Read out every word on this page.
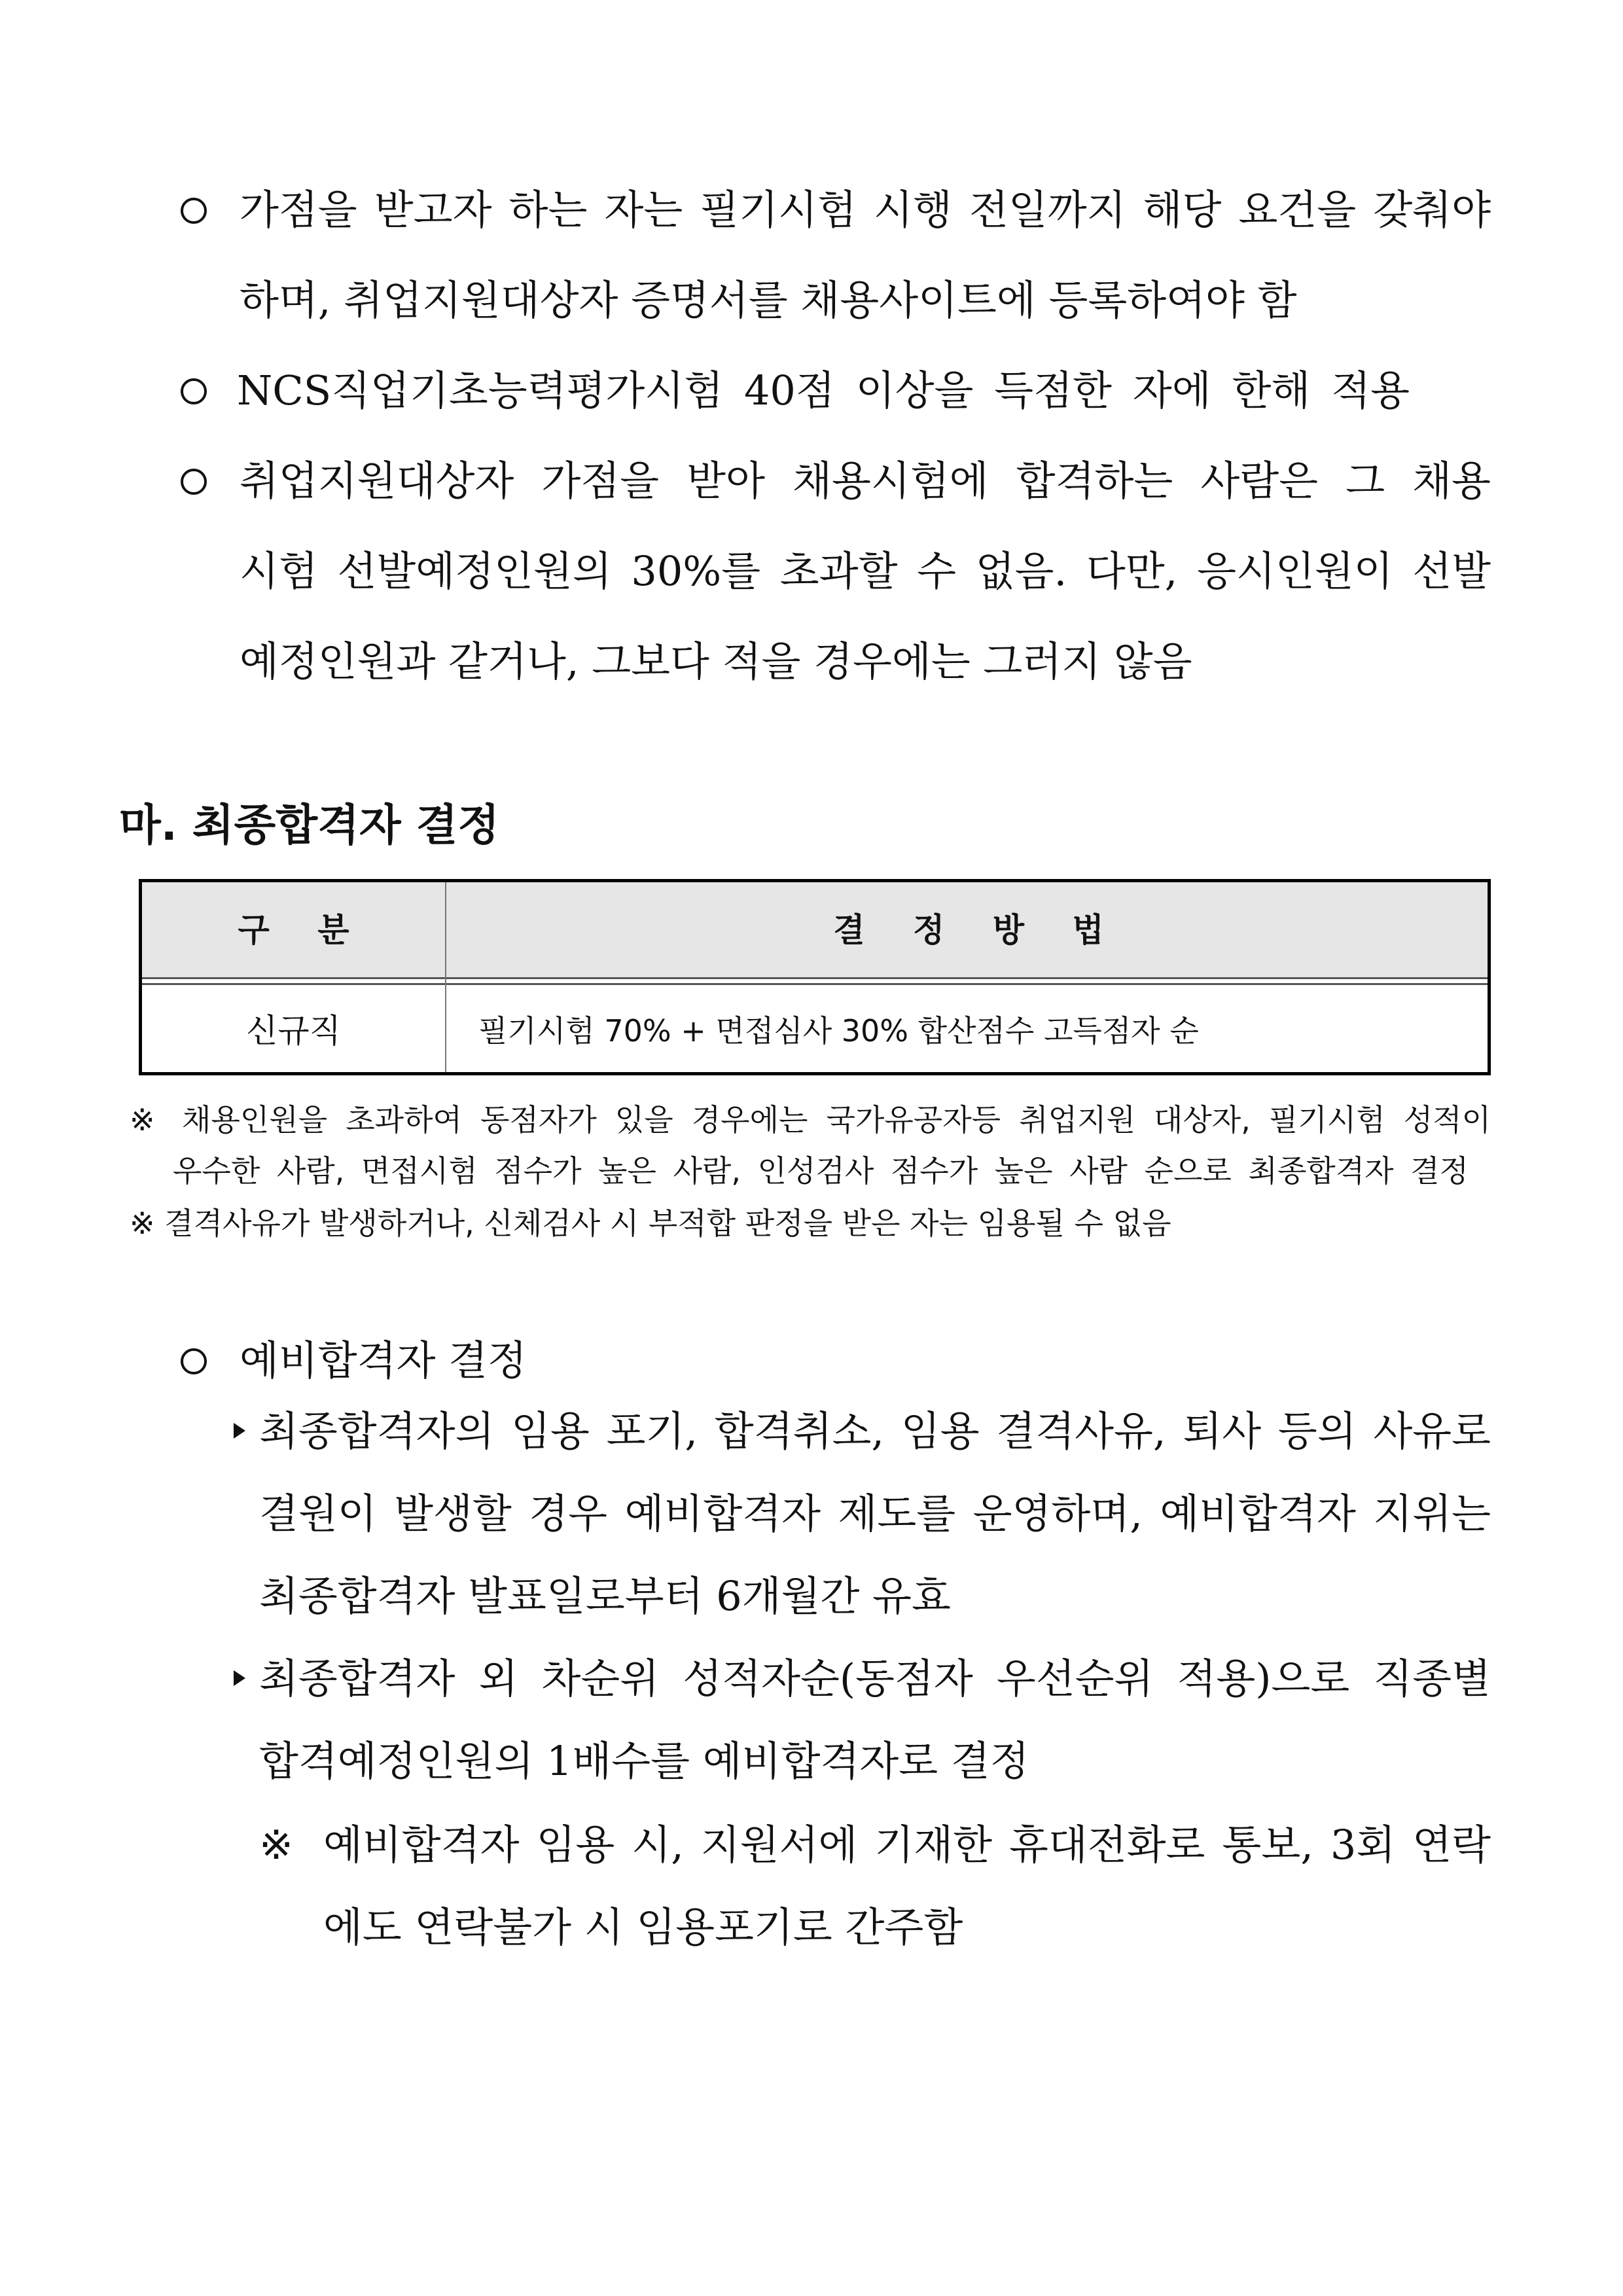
가점을 받고자 하는 자는 필기시험 시행 전일까지 해당 요건을 갖춰야
하며, 취업지원대상자 증명서를 채용사이트에 등록하여야 함
NCS직업기초능력평가시험 40점 이상을 득점한 자에 한해 적용
취업지원대상자 가점을 받아 채용시험에 합격하는 사람은 그 채용
시험 선발예정인원의 30%를 초과할 수 없음. 다만, 응시인원이 선발
예정인원과 같거나, 그보다 적을 경우에는 그러지 않음
마. 최종합격자 결정
구 분	결 정 방 법
신규직	필기시험 70% + 면접심사 30% 합산점수 고득점자 순
※ 채용인원을 초과하여 동점자가 있을 경우에는 국가유공자등 취업지원 대상자, 필기시험 성적이
우수한 사람, 면접시험 점수가 높은 사람, 인성검사 점수가 높은 사람 순으로 최종합격자 결정
※ 결격사유가 발생하거나, 신체검사 시 부적합 판정을 받은 자는 임용될 수 없음
예비합격자 결정
최종합격자의 임용 포기, 합격취소, 임용 결격사유, 퇴사 등의 사유로
결원이 발생할 경우 예비합격자 제도를 운영하며, 예비합격자 지위는
최종합격자 발표일로부터 6개월간 유효
최종합격자 외 차순위 성적자순(동점자 우선순위 적용)으로 직종별
합격예정인원의 1배수를 예비합격자로 결정
※ 예비합격자 임용 시, 지원서에 기재한 휴대전화로 통보, 3회 연락
에도 연락불가 시 임용포기로 간주함
